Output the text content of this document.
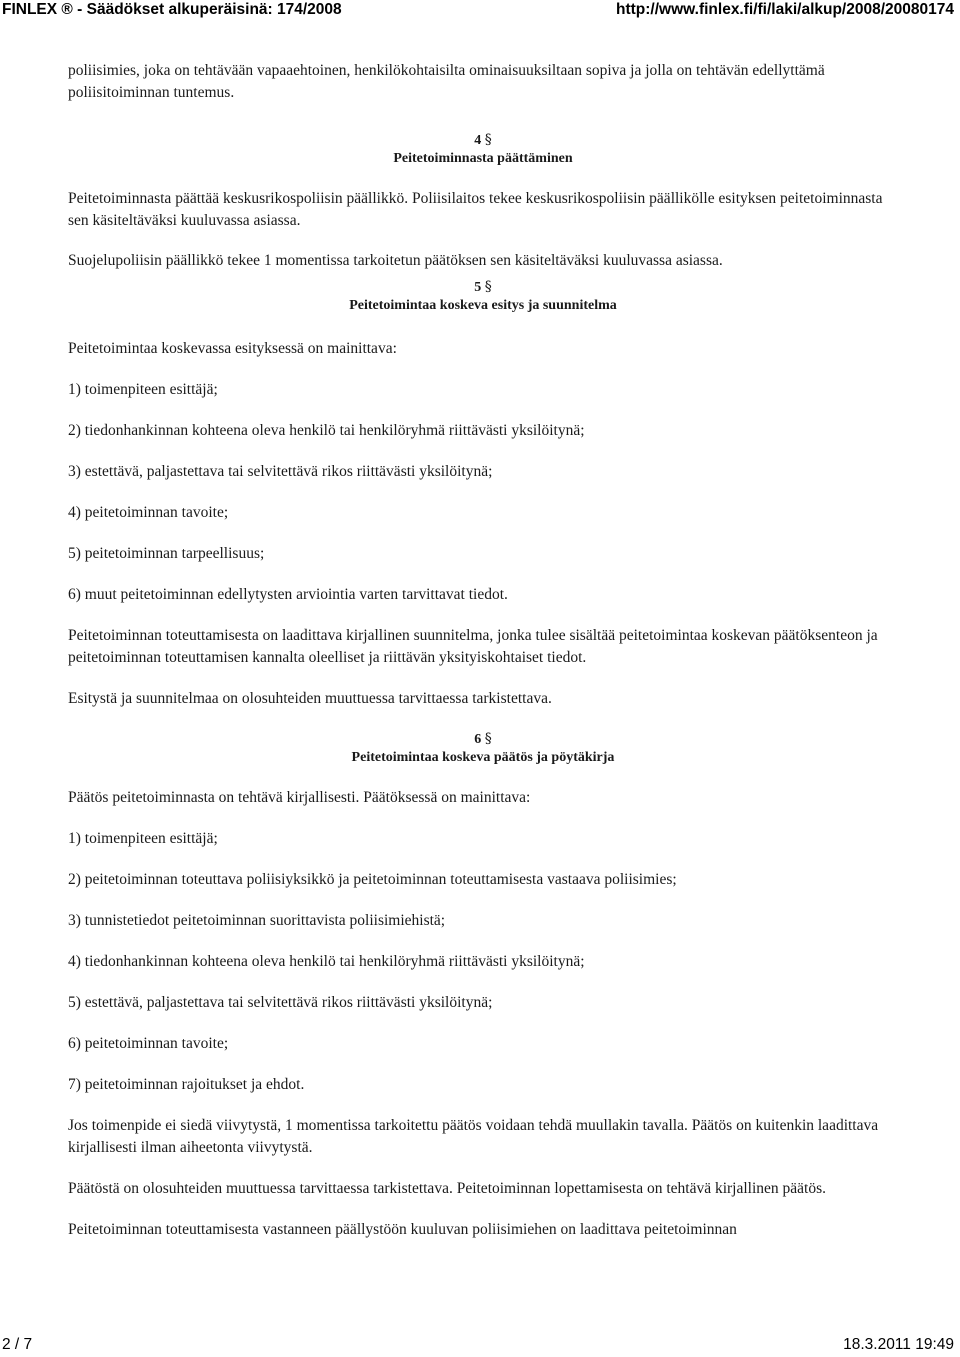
FINLEX ® - Säädökset alkuperäisinä: 174/2008	http://www.finlex.fi/fi/laki/alkup/2008/20080174

poliisimies, joka on tehtävään vapaaehtoinen, henkilökohtaisilta ominaisuuksiltaan sopiva ja jolla on tehtävän edellyttämä poliisitoiminnan tuntemus.

4 §
Peitetoiminnasta päättäminen

Peitetoiminnasta päättää keskusrikospoliisin päällikkö. Poliisilaitos tekee keskusrikospoliisin päällikölle esityksen peitetoiminnasta sen käsiteltäväksi kuuluvassa asiassa.

Suojelupoliisin päällikkö tekee 1 momentissa tarkoitetun päätöksen sen käsiteltäväksi kuuluvassa asiassa.

5 §
Peitetoimintaa koskeva esitys ja suunnitelma

Peitetoimintaa koskevassa esityksessä on mainittava:

1) toimenpiteen esittäjä;

2) tiedonhankinnan kohteena oleva henkilö tai henkilöryhmä riittävästi yksilöitynä;

3) estettävä, paljastettava tai selvitettävä rikos riittävästi yksilöitynä;

4) peitetoiminnan tavoite;

5) peitetoiminnan tarpeellisuus;

6) muut peitetoiminnan edellytysten arviointia varten tarvittavat tiedot.

Peitetoiminnan toteuttamisesta on laadittava kirjallinen suunnitelma, jonka tulee sisältää peitetoimintaa koskevan päätöksenteon ja peitetoiminnan toteuttamisen kannalta oleelliset ja riittävän yksityiskohtaiset tiedot.

Esitystä ja suunnitelmaa on olosuhteiden muuttuessa tarvittaessa tarkistettava.

6 §
Peitetoimintaa koskeva päätös ja pöytäkirja

Päätös peitetoiminnasta on tehtävä kirjallisesti. Päätöksessä on mainittava:

1) toimenpiteen esittäjä;

2) peitetoiminnan toteuttava poliisiyksikkö ja peitetoiminnan toteuttamisesta vastaava poliisimies;

3) tunnistetiedot peitetoiminnan suorittavista poliisimiehistä;

4) tiedonhankinnan kohteena oleva henkilö tai henkilöryhmä riittävästi yksilöitynä;

5) estettävä, paljastettava tai selvitettävä rikos riittävästi yksilöitynä;

6) peitetoiminnan tavoite;

7) peitetoiminnan rajoitukset ja ehdot.

Jos toimenpide ei siedä viivytystä, 1 momentissa tarkoitettu päätös voidaan tehdä muullakin tavalla. Päätös on kuitenkin laadittava kirjallisesti ilman aiheetonta viivytystä.

Päätöstä on olosuhteiden muuttuessa tarvittaessa tarkistettava. Peitetoiminnan lopettamisesta on tehtävä kirjallinen päätös.

Peitetoiminnan toteuttamisesta vastanneen päällystöön kuuluvan poliisimiehen on laadittava peitetoiminnan

2 / 7	18.3.2011 19:49
